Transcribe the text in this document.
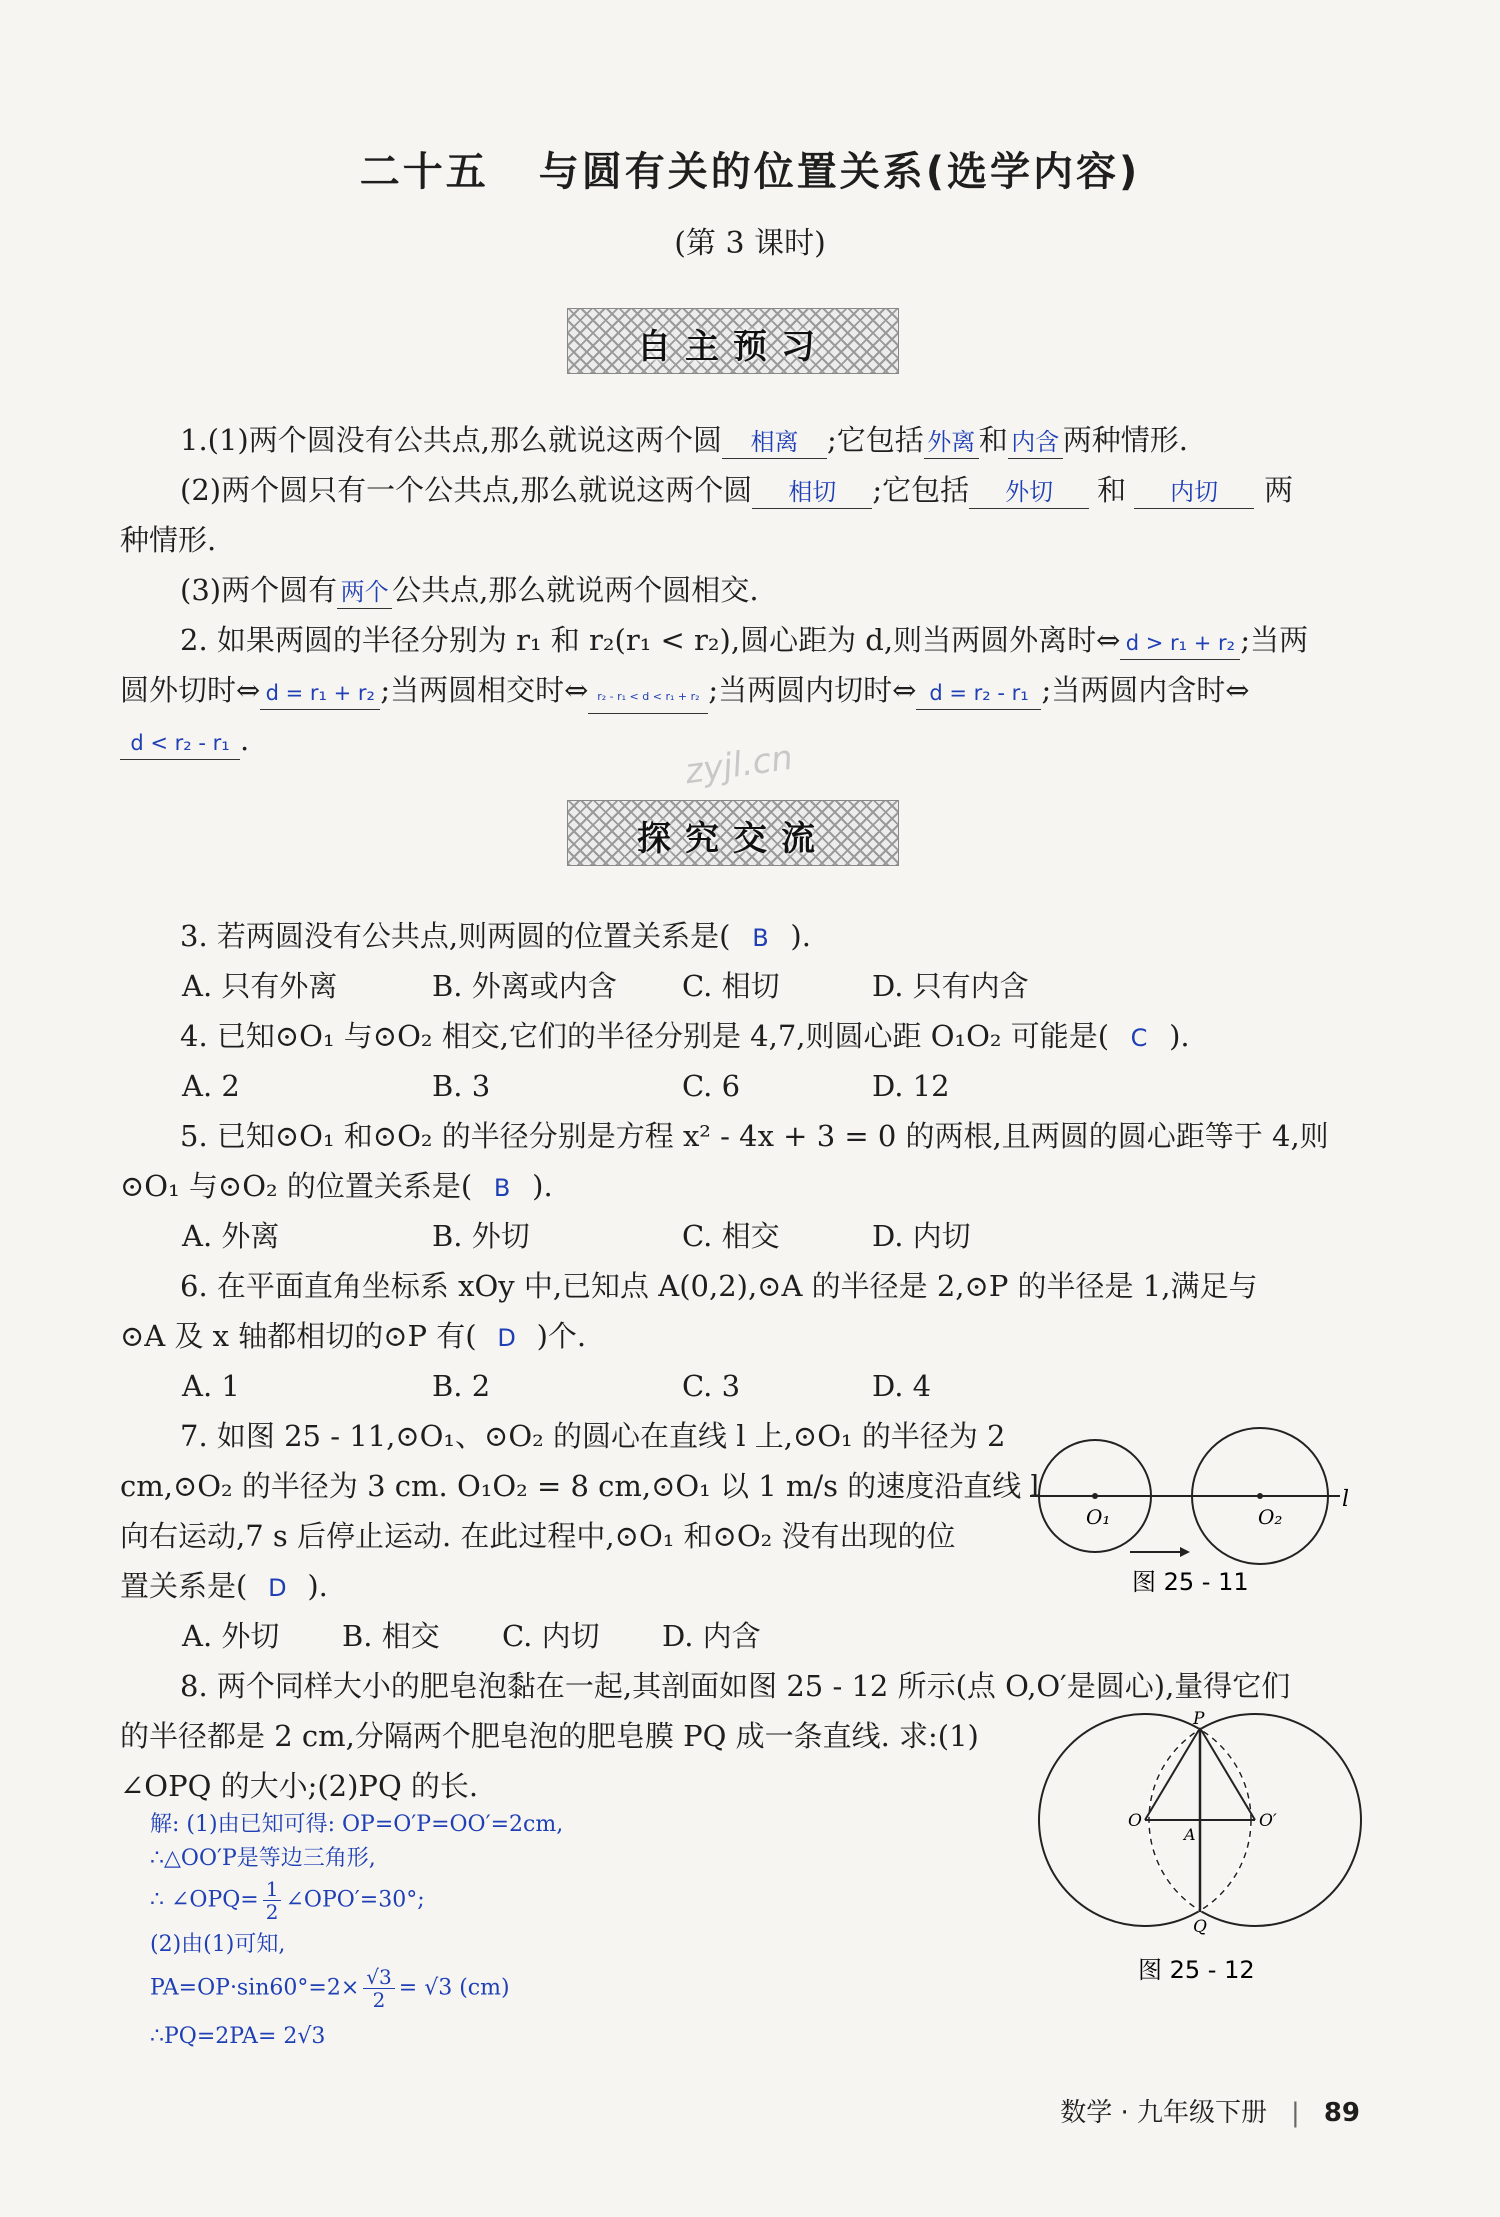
二十五 与圆有关的位置关系(选学内容)
(第 3 课时)
自主预习
1.(1)两个圆没有公共点,那么就说这两个圆 相离 ;它包括 外离 和 内含 两种情形.
(2)两个圆只有一个公共点,那么就说这两个圆 相切 ;它包括 外切 和 内切 两
种情形.
(3)两个圆有 两个 公共点,那么就说两个圆相交.
2. 如果两圆的半径分别为 r₁ 和 r₂(r₁ < r₂),圆心距为 d,则当两圆外离时⇔ d > r₁ + r₂ ;当两
圆外切时⇔ d = r₁ + r₂ ;当两圆相交时⇔ r₂ - r₁ < d < r₁ + r₂ ;当两圆内切时⇔ d = r₂ - r₁ ;当两圆内含时⇔
d < r₂ - r₁ .	zyjl.cn
探究交流
3. 若两圆没有公共点,则两圆的位置关系是( B ).
A. 只有外离	B. 外离或内含 C. 相切	D. 只有内含
4. 已知⊙O₁ 与⊙O₂ 相交,它们的半径分别是 4,7,则圆心距 O₁O₂ 可能是( C ).
A. 2	B. 3	C. 6	D. 12
5. 已知⊙O₁ 和⊙O₂ 的半径分别是方程 x² - 4x + 3 = 0 的两根,且两圆的圆心距等于 4,则
⊙O₁ 与⊙O₂ 的位置关系是( B ).
A. 外离	B. 外切	C. 相交	D. 内切
6. 在平面直角坐标系 xOy 中,已知点 A(0,2),⊙A 的半径是 2,⊙P 的半径是 1,满足与
⊙A 及 x 轴都相切的⊙P 有( D )个.
A. 1	B. 2	C. 3	D. 4
7. 如图 25 - 11,⊙O₁、⊙O₂ 的圆心在直线 l 上,⊙O₁ 的半径为 2
cm,⊙O₂ 的半径为 3 cm. O₁O₂ = 8 cm,⊙O₁ 以 1 m/s 的速度沿直线 l
向右运动,7 s 后停止运动. 在此过程中,⊙O₁ 和⊙O₂ 没有出现的位
置关系是( D ).
A. 外切 B. 相交 C. 内切 D. 内含
O₁	O₂
l
图 25 - 11
8. 两个同样大小的肥皂泡黏在一起,其剖面如图 25 - 12 所示(点 O,O′是圆心),量得它们
的半径都是 2 cm,分隔两个肥皂泡的肥皂膜 PQ 成一条直线. 求:(1)
∠OPQ 的大小;(2)PQ 的长.
解: (1)由已知可得: OP=O′P=OO′=2cm,
∴△OO′P是等边三角形,
∴ ∠OPQ= $\frac{1}{2}$ ∠OPO′=30°;
(2)由(1)可知,
$PA=OP\cdot\sin 60^\circ=2\times \frac{√3}{2} = √3$ (cm)
∴PQ=2PA= 2√3
P
Q
O	O′
A
图 25 - 12
数学 · 九年级下册 | 89
